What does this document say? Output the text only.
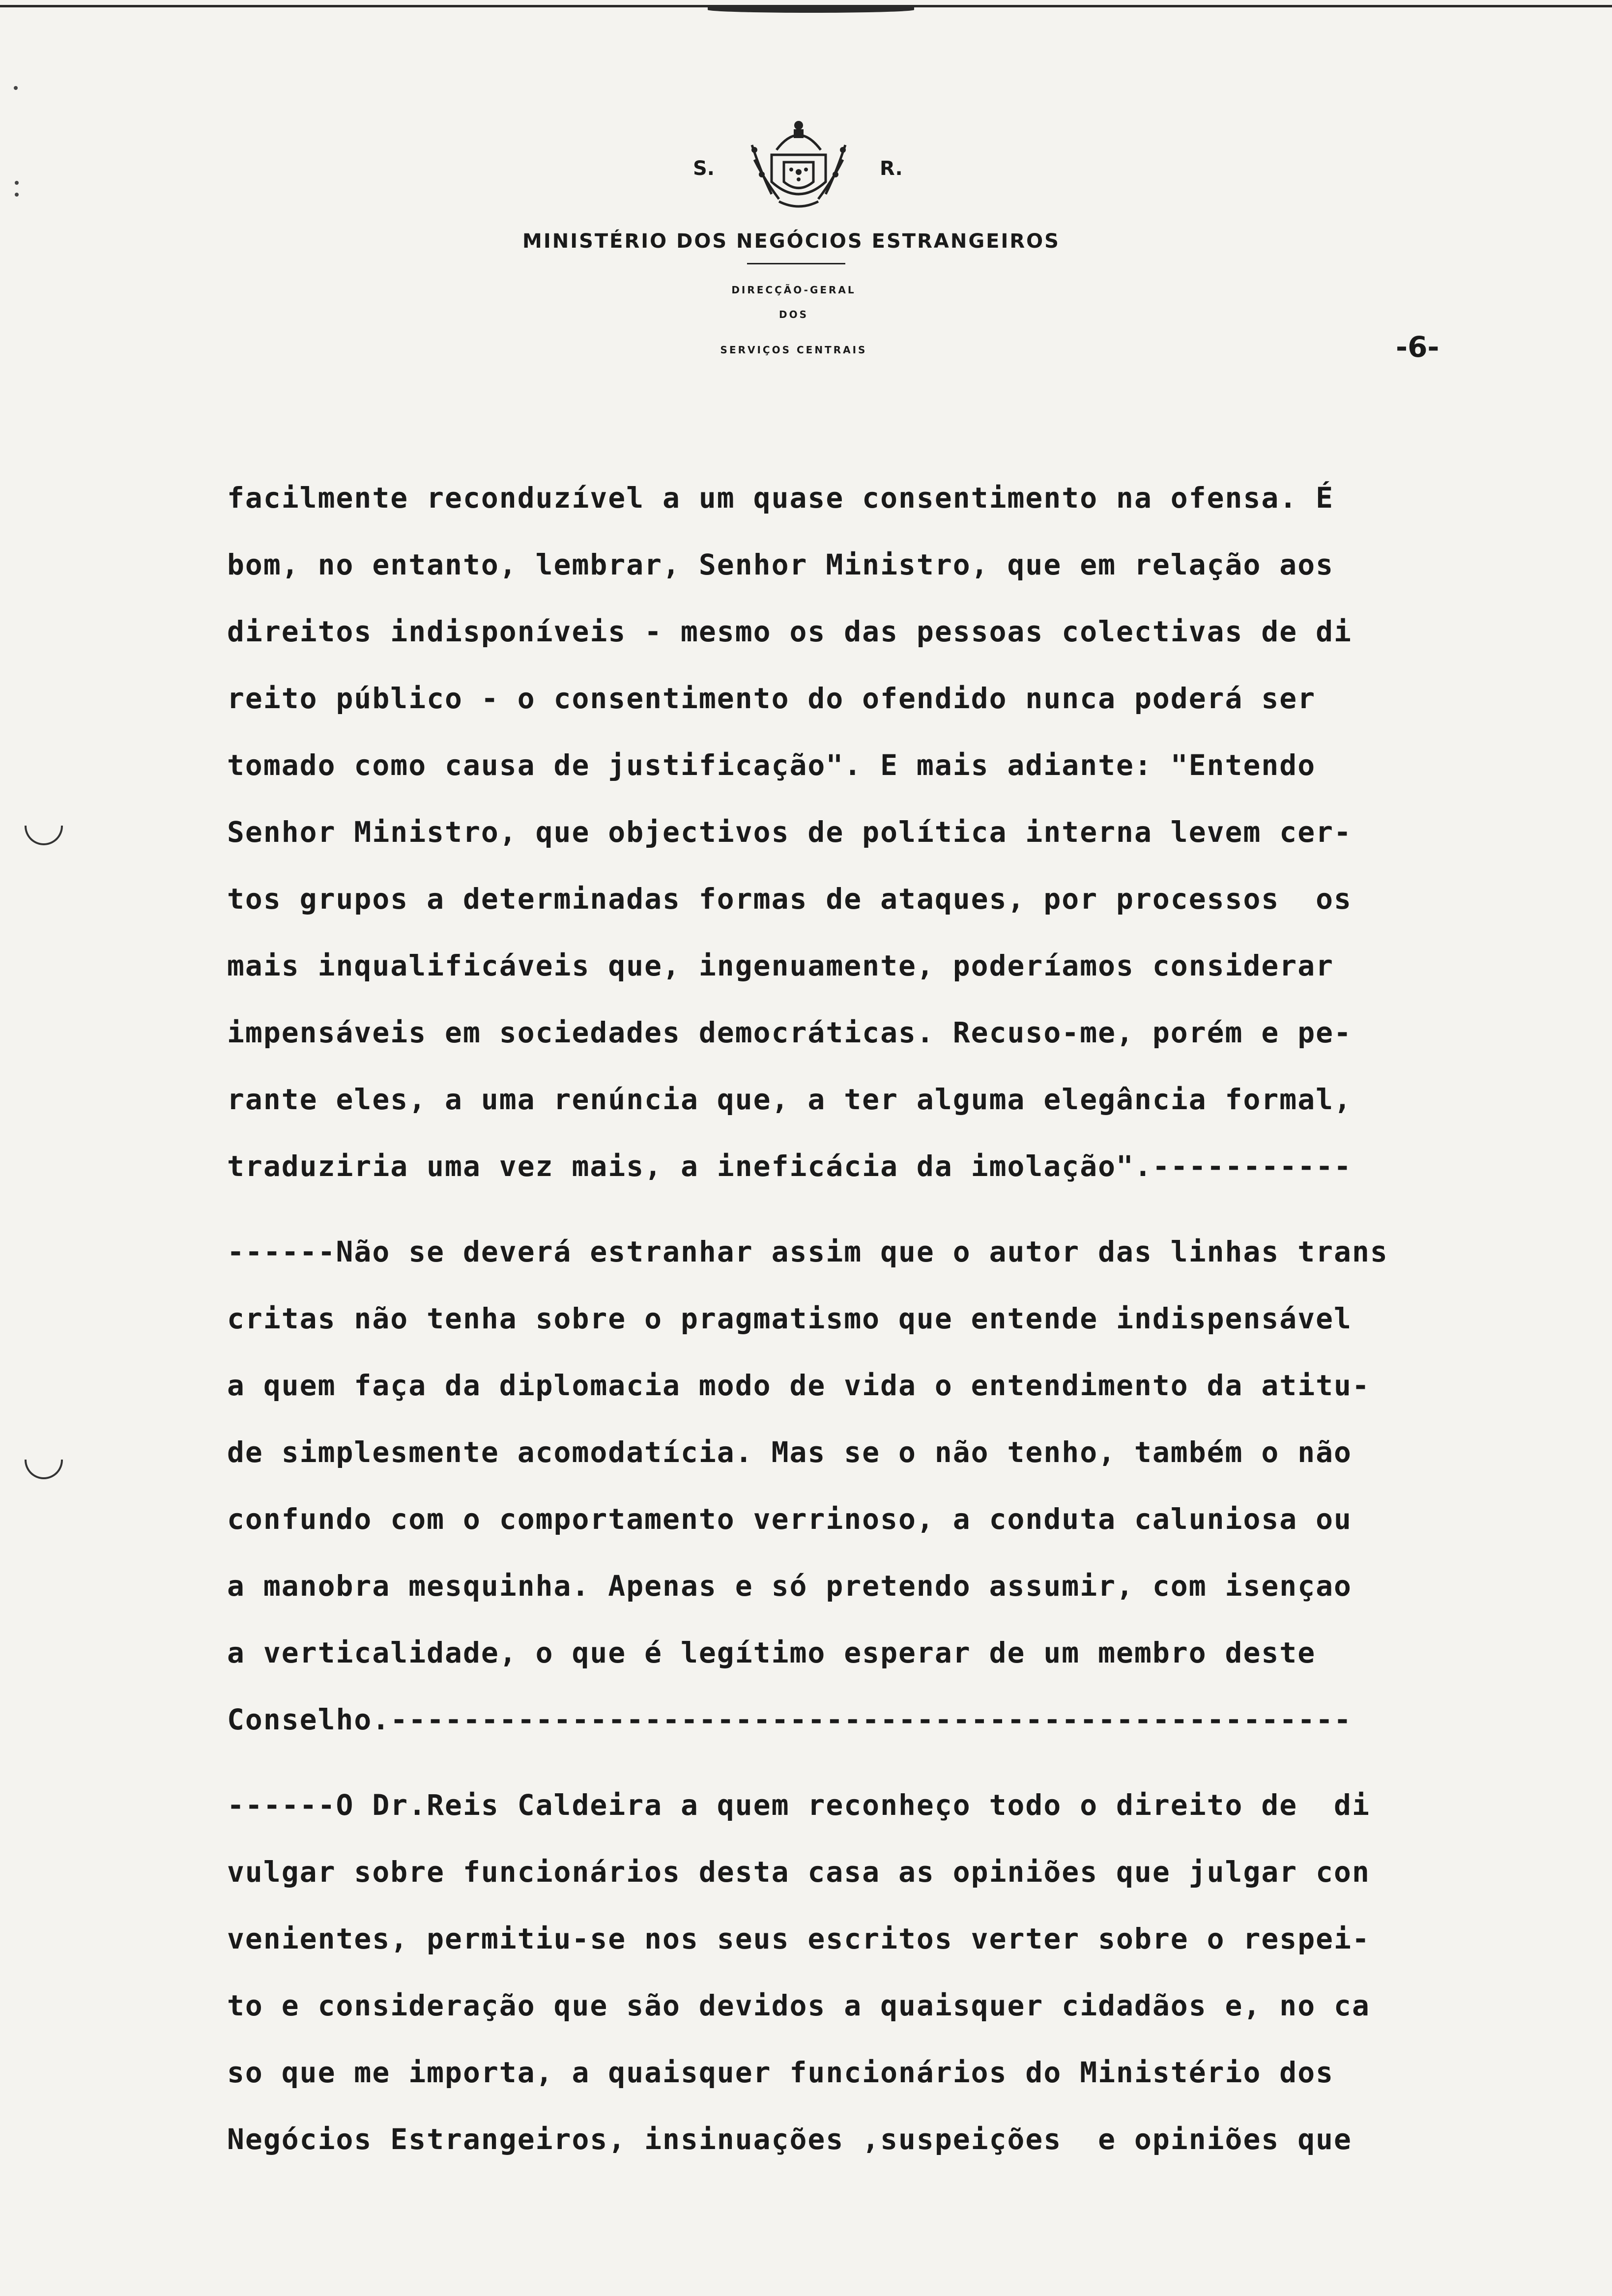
S.	R.
MINISTÉRIO DOS NEGÓCIOS ESTRANGEIROS
DIRECÇÃO-GERAL
DOS
SERVIÇOS CENTRAIS	-6-
facilmente reconduzível a um quase consentimento na ofensa. É
bom, no entanto, lembrar, Senhor Ministro, que em relação aos
direitos indisponíveis - mesmo os das pessoas colectivas de di
reito público - o consentimento do ofendido nunca poderá ser
tomado como causa de justificação". E mais adiante: "Entendo
Senhor Ministro, que objectivos de política interna levem cer-
tos grupos a determinadas formas de ataques, por processos  os
mais inqualificáveis que, ingenuamente, poderíamos considerar
impensáveis em sociedades democráticas. Recuso-me, porém e pe-
rante eles, a uma renúncia que, a ter alguma elegância formal,
traduziria uma vez mais, a ineficácia da imolação".-----------
------Não se deverá estranhar assim que o autor das linhas trans
critas não tenha sobre o pragmatismo que entende indispensável
a quem faça da diplomacia modo de vida o entendimento da atitu-
de simplesmente acomodatícia. Mas se o não tenho, também o não
confundo com o comportamento verrinoso, a conduta caluniosa ou
a manobra mesquinha. Apenas e só pretendo assumir, com isençao
a verticalidade, o que é legítimo esperar de um membro deste
Conselho.-----------------------------------------------------
------O Dr.Reis Caldeira a quem reconheço todo o direito de  di
vulgar sobre funcionários desta casa as opiniões que julgar con
venientes, permitiu-se nos seus escritos verter sobre o respei-
to e consideração que são devidos a quaisquer cidadãos e, no ca
so que me importa, a quaisquer funcionários do Ministério dos
Negócios Estrangeiros, insinuações ,suspeições  e opiniões que
